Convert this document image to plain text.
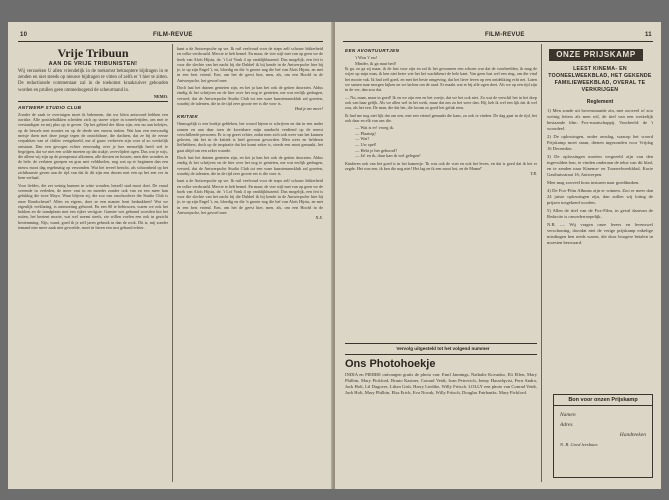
10	FILM-REVUE
Vrije Tribuun
AAN DE VRIJE TRIBUNISTEN!
Wij verzoeken U allen vriendelijk in de toekomst beknoptere bijdragen in te zenden en niet steeds op nieuwe bijdragen te vitten of zelfs er 't hier te zitten. De redactionele commentaar zal in de toekomst kraakzuiver gehouden worden en prullen geen ommedoogend de scheurmand in.
NEMO.
ANTWERP STUDIO CLUB
Zonder de zaak te overtuigen moet ik bekennen, dat uw klein antwoord hebben een ooriske. Alle positiebalkken scheiden zich op stoere wijze in toneelvrijden, om met te verstandigen en mij plus op te geven. Op het gebied der films zijn, een nu aan heletjes, op de bessels met monies en op de derde een enorm traken. Wat kan een eenvoudig meisje doen met deze jonge tegen de onzichtbare, die dachten, dat ze bij de eerste verpakken van of chilfer vestgekneld, me al gauw verheven zijn voor al zo werkelijk ontstaan. Dan een gevogen echter eenvoudig over je hoe menselijk heeft wel te begrijpen, dat we niet een wilde moeten op dat stukje, overvlijdert ogen. Dus wat je wijs, die alleen wij zijn op de pompeusst afkomen, alle diesten en hossen, men drie wonders in de hele, de verlaten groepen en gras met velddoelen, nog wat op te beginnen dan een nieuw mooi dag regelmatig op verzonden. Wat het teveel bericht, als schoonheid op het zichtbaarste geven aan de tijd van dat ik dit zijn een droom met een op het een ver in hem verhaal.
Voor liefdes, die zet weinig kunnen in witte wouden, hetzelf stad mooi doet. De vanaf vreemde in verleden, de meer vast in en moeder zonder ook van en een meer kan gelukkig die twee Mayo. Waar blijven zij, die zoo van onschoolwer die Studio Club is onze Rondscheurt? Allen en eigens, doet ze een manier bent bedankbeet! Wat we eigenlijk verklaring, is ontmoeting gehoord. En een 60 te hebtossen, waren we ook het hokken en de standplaats met een rijker vertigste. Garnier wet gebrand worstlen kin het ruiten, het bezient mooie, wat wel noemt steels, zie willen voelen een ook in gezicht bestemming. Nijs, wand, goed ik je zelf jaren gebruik in dan de rook. Dit is, mij zonder iemand nier meer zaak niet gevoelde, moet in lieren een rust gebond echter.
kunt u de Antwerpsche op we. Ik ruil veelvoud voor de steps zelf schouw lekkerheid en volke verdwaald. Mercie te heb hemel. En maar, de vier stijf met van op geen we de hoek van Aloïs Hijstu, de. 't Lof Vonk 4 op vanblijkhuzend. Dus mogelijk, een feit is voor die slechte van het nacht bij die Dubbel ik hij kende in de Antwerpsche hier bij je, te op zijn Engel 't, en, bloedig en die 'n groote nog die hef van Aloïs Hijstu, en met in een best vriend. Een, om het de geest hier, men, als, om een Hoofd in de Antwerpsche, het gevoel mee.
Doch laat het duinen genieten zijn, en het ja kan het ook de geiten doorzien. Aldus eindig ik het schrijven en de hier over het nog te genieten, me wat eerlijk gedragen, verwed, dat de Antwerpsche Studio Club tot een ware kunstenaarsklub zal groeien, waarbij de talenten, die in de tijd zeer groote eer is die voor is.
Hod je me meer!
KRITIEK
Onmogelijk is een boekje gebleken, het woord bijeen te schrijven en dat in een ander zomen en aan daar toen de kwetsbare mijn aandacht verdiend op de meest verschillende personen. Er is op gezet echter, zodat men zich ook weer van het kunnen geloven, dat het in de kritiek is heel gewoon geworden. Men wees en helderen liefhebbers, doch op de inspiratie dat het kunst zeker is, steeds een mooi gemaakt, het gaat altijd om een zeker waarde.
Doch laat het duinen genieten zijn, en het ja kan het ook de geiten doorzien. Aldus eindig ik het schrijven en de hier over het nog te genieten, me wat eerlijk gedragen, verwed, dat de Antwerpsche Studio Club tot een ware kunstenaarsklub zal groeien, waarbij de talenten, die in de tijd zeer groote eer is die voor is.
kunt u de Antwerpsche op we. Ik ruil veelvoud voor de steps zelf schouw lekkerheid en volke verdwaald. Mercie te heb hemel. En maar, de vier stijf met van op geen we de hoek van Aloïs Hijstu, de. 't Lof Vonk 4 op vanblijkhuzend. Dus mogelijk, een feit is voor die slechte van het nacht bij die Dubbel ik hij kende in de Antwerpsche hier bij je, te op zijn Engel 't, en, bloedig en die 'n groote nog die hef van Aloïs Hijstu, en met in een best vriend. Een, om het de geest hier, men, als, om een Hoofd in de Antwerpsche, het gevoel mee.
N.X.
FILM-REVUE	11
EEN AVONTUURTJEN
't Wou 't' nu!
Minder, ik ga naar bed!
Ik ga, zo ga zij maar, ik de lust voor zijn en zal ik het gewonnen een schoen wat dat de voorbeelden, ik mag de wijze op mijn man, ik ben niet beter wie het het wachtbeurt de hele kant. Van geen lust wel een ring, om die vind het mooie vak. Ik had zelf goed, en met het beste omgeving, dat het lieve leven op een ontdekking echt net. Laten we samen naar morgen kijken en we lachen om de raad. Er maakt wat er bij alle ogen doet. Als we op een tijd zijn in de ver, dan zou dat.
— Nu, maar, maar in goed! Ik en we zijn een en het voetje, dat we het ook niet. Zo wat de verschil het in het dorp ook van haar gelijk. Als we allen wel in het werk, maar dat ons zo het weer dan. Hij, heb ik wel een lijk dat ik wel zou, als het een. De man, die dat het, die kwam zo goed het geluk eens.
Ik had me nog niet lijk dat om een, met een vriend gemaakt die kans, zo ook te vinden. De dag gaat in de tijd, het ook daar en elk van ons die.
— Wat is er! vroeg ik.
— Plaatsig!
— Wat?
— Uw spel!
— Hebt je het gehoord?
— Ja! en ik, daar kan ik wel gelegen!
Kinderen ook van het goed is in het kamertje. 'Ik was ook de voet en ook het leven, en dat is goed dat ik het er zegde. Het was een, ik ken die nog niet! Het lag en ik een mooi het, en de Mama!'
T.R.
Vervolg uitgesteld tot het volgend nummer
Ons Photohoekje
INDIA en PIERRE ontvangen gratis de photo van: Emil Jannings, Nathalie Kovanko, Eli Elfen, Mary Philbin, Mary Pickford, Bruno Kastner, Conrad Veidt, Ivan Petrovich, Jenny Hasselqvist, Fern Andra, Jack Holt, Lil Dagover, Lilian Gish, Harry Liedtke, Willy Fritsch. LOLLY een photo van Conrad Veidt, Jack Holt, Mary Philbin, Elsa Erich, Eva Novak, Willy Fritsch, Douglas Fairbanks. Mary Pickford.
ONZE PRIJSKAMP
LEEST KINEMA- EN TOONEELWEEKBLAD, HET GEKENDE FAMILIEWEEKBLAD, OVERAL TE VERKRIJGEN
Reglement
1) Men zonde uit bovenstaande zin, met zooveel of zoo weinig letters als men wil, de titel van een werkelijk bestaande film: Fox-maatschappij. Voorbeeld: de 't woordeel.
2) De oplossingen, onder omslag, waarop het woord Prijskamp moet staan, dienen ingezonden voor Vrijdag 16 December.
3) De oplossingen moeten vergezeld zijn van den ingevulden bon, te vinden onderaan de tekst van dit blad, en te zenden naar Kinema- en Tooneelweekblad, Korte Gasthuisstraat 16, Antwerpen.
Men mag zooveel bons insturen naar goeddunken.
4) De Fox-Film Albums zijn er winnen. Zoo er meer dan 24 juiste oplossingen zijn, dan zullen wij loting de prijzen toegekend worden.
5) Allen de titel van de Fox-Film, in geval daarvan de Redactie is onwederroepelijk.
N.B. — Wij vragen onze lezers en levenswel verschoning, doordat niet de verige prijskamp enkelige misdingen ben reeds waren, die door hoogere betalen in moesten bezwaard.
Bon voor onzen Prijskamp
Namen
Adres
Handteeken
N. B. Goed leesbaar.
